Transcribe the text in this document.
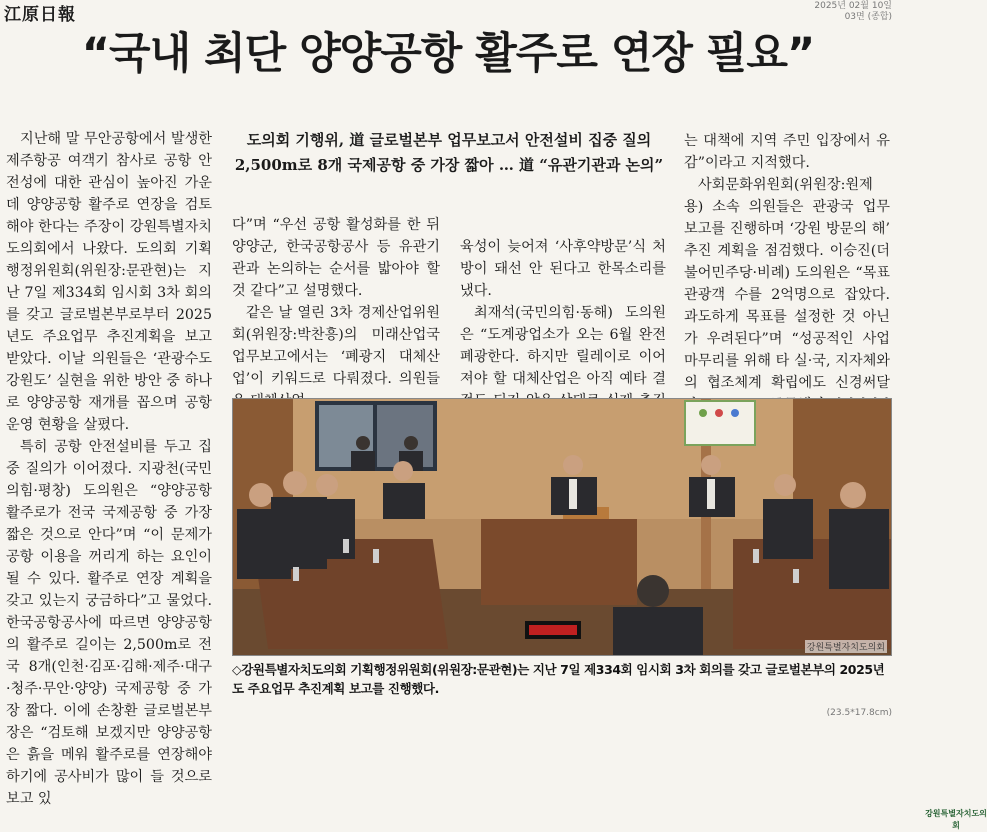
江原日報	2025년 02월 10일
03면 (종합)
“국내 최단 양양공항 활주로 연장 필요”
도의회 기행위, 道 글로벌본부 업무보고서 안전설비 집중 질의
2,500m로 8개 국제공항 중 가장 짧아 … 道 “유관기관과 논의”

지난해 말 무안공항에서 발생한 제주항공 여객기 참사로 공항 안전성에 대한 관심이 높아진 가운데 양양공항 활주로 연장을 검토해야 한다는 주장이 강원특별자치도의회에서 나왔다. 도의회 기획행정위원회(위원장:문관현)는 지난 7일 제334회 임시회 3차 회의를 갖고 글로벌본부로부터 2025년도 주요업무 추진계획을 보고 받았다. 이날 의원들은 ‘관광수도 강원도’ 실현을 위한 방안 중 하나로 양양공항 재개를 꼽으며 공항 운영 현황을 살폈다.

특히 공항 안전설비를 두고 집중 질의가 이어졌다. 지광천(국민의힘·평창) 도의원은 “양양공항 활주로가 전국 국제공항 중 가장 짧은 것으로 안다”며 “이 문제가 공항 이용을 꺼리게 하는 요인이 될 수 있다. 활주로 연장 계획을 갖고 있는지 궁금하다”고 물었다. 한국공항공사에 따르면 양양공항의 활주로 길이는 2,500m로 전국 8개(인천·김포·김해·제주·대구·청주·무안·양양) 국제공항 중 가장 짧다. 이에 손창환 글로벌본부장은 “검토해 보겠지만 양양공항은 흙을 메워 활주로를 연장해야 하기에 공사비가 많이 들 것으로 보고 있

다”며 “우선 공항 활성화를 한 뒤 양양군, 한국공항공사 등 유관기관과 논의하는 순서를 밟아야 할 것 같다”고 설명했다.

같은 날 열린 3차 경제산업위원회(위원장:박찬흥)의 미래산업국 업무보고에서는 ‘폐광지 대체산업’이 키워드로 다뤄졌다. 의원들

육성이 늦어져 ‘사후약방문’식 처방이 돼선 안 된다고 한목소리를 냈다.

최재석(국민의힘·동해) 도의원은 “도계광업소가 오는 6월 완전 폐광한다. 하지만 릴레이로 이어져야 할 대체산업은 아직 예타 결

는 대책에 지역 주민 입장에서 유감”이라고 지적했다.

사회문화위원회(위원장:원제용) 소속 의원들은 관광국 업무 보고를 진행하며 ‘강원 방문의 해’ 추진 계획을 점검했다. 이승진(더불어민주당·비례) 도의원은 “목표 관광객 수를 2억명으로 잡았다. 과도하게 목표를 설정한 것 아닌가 우려된다”며 “성공적인 사업 마무리를 위해 타 실·국, 지자체와의 협조체계 확립에도 신경써달

강원특별자치도의회
강원특별자치도의회
◇강원특별자치도의회 기획행정위원회(위원장:문관현)는 지난 7일 제334회 임시회 3차 회의를 갖고 글로벌본부의 2025년도 주요업무 추진계획 보고를 진행했다.
(23.5*17.8cm)
